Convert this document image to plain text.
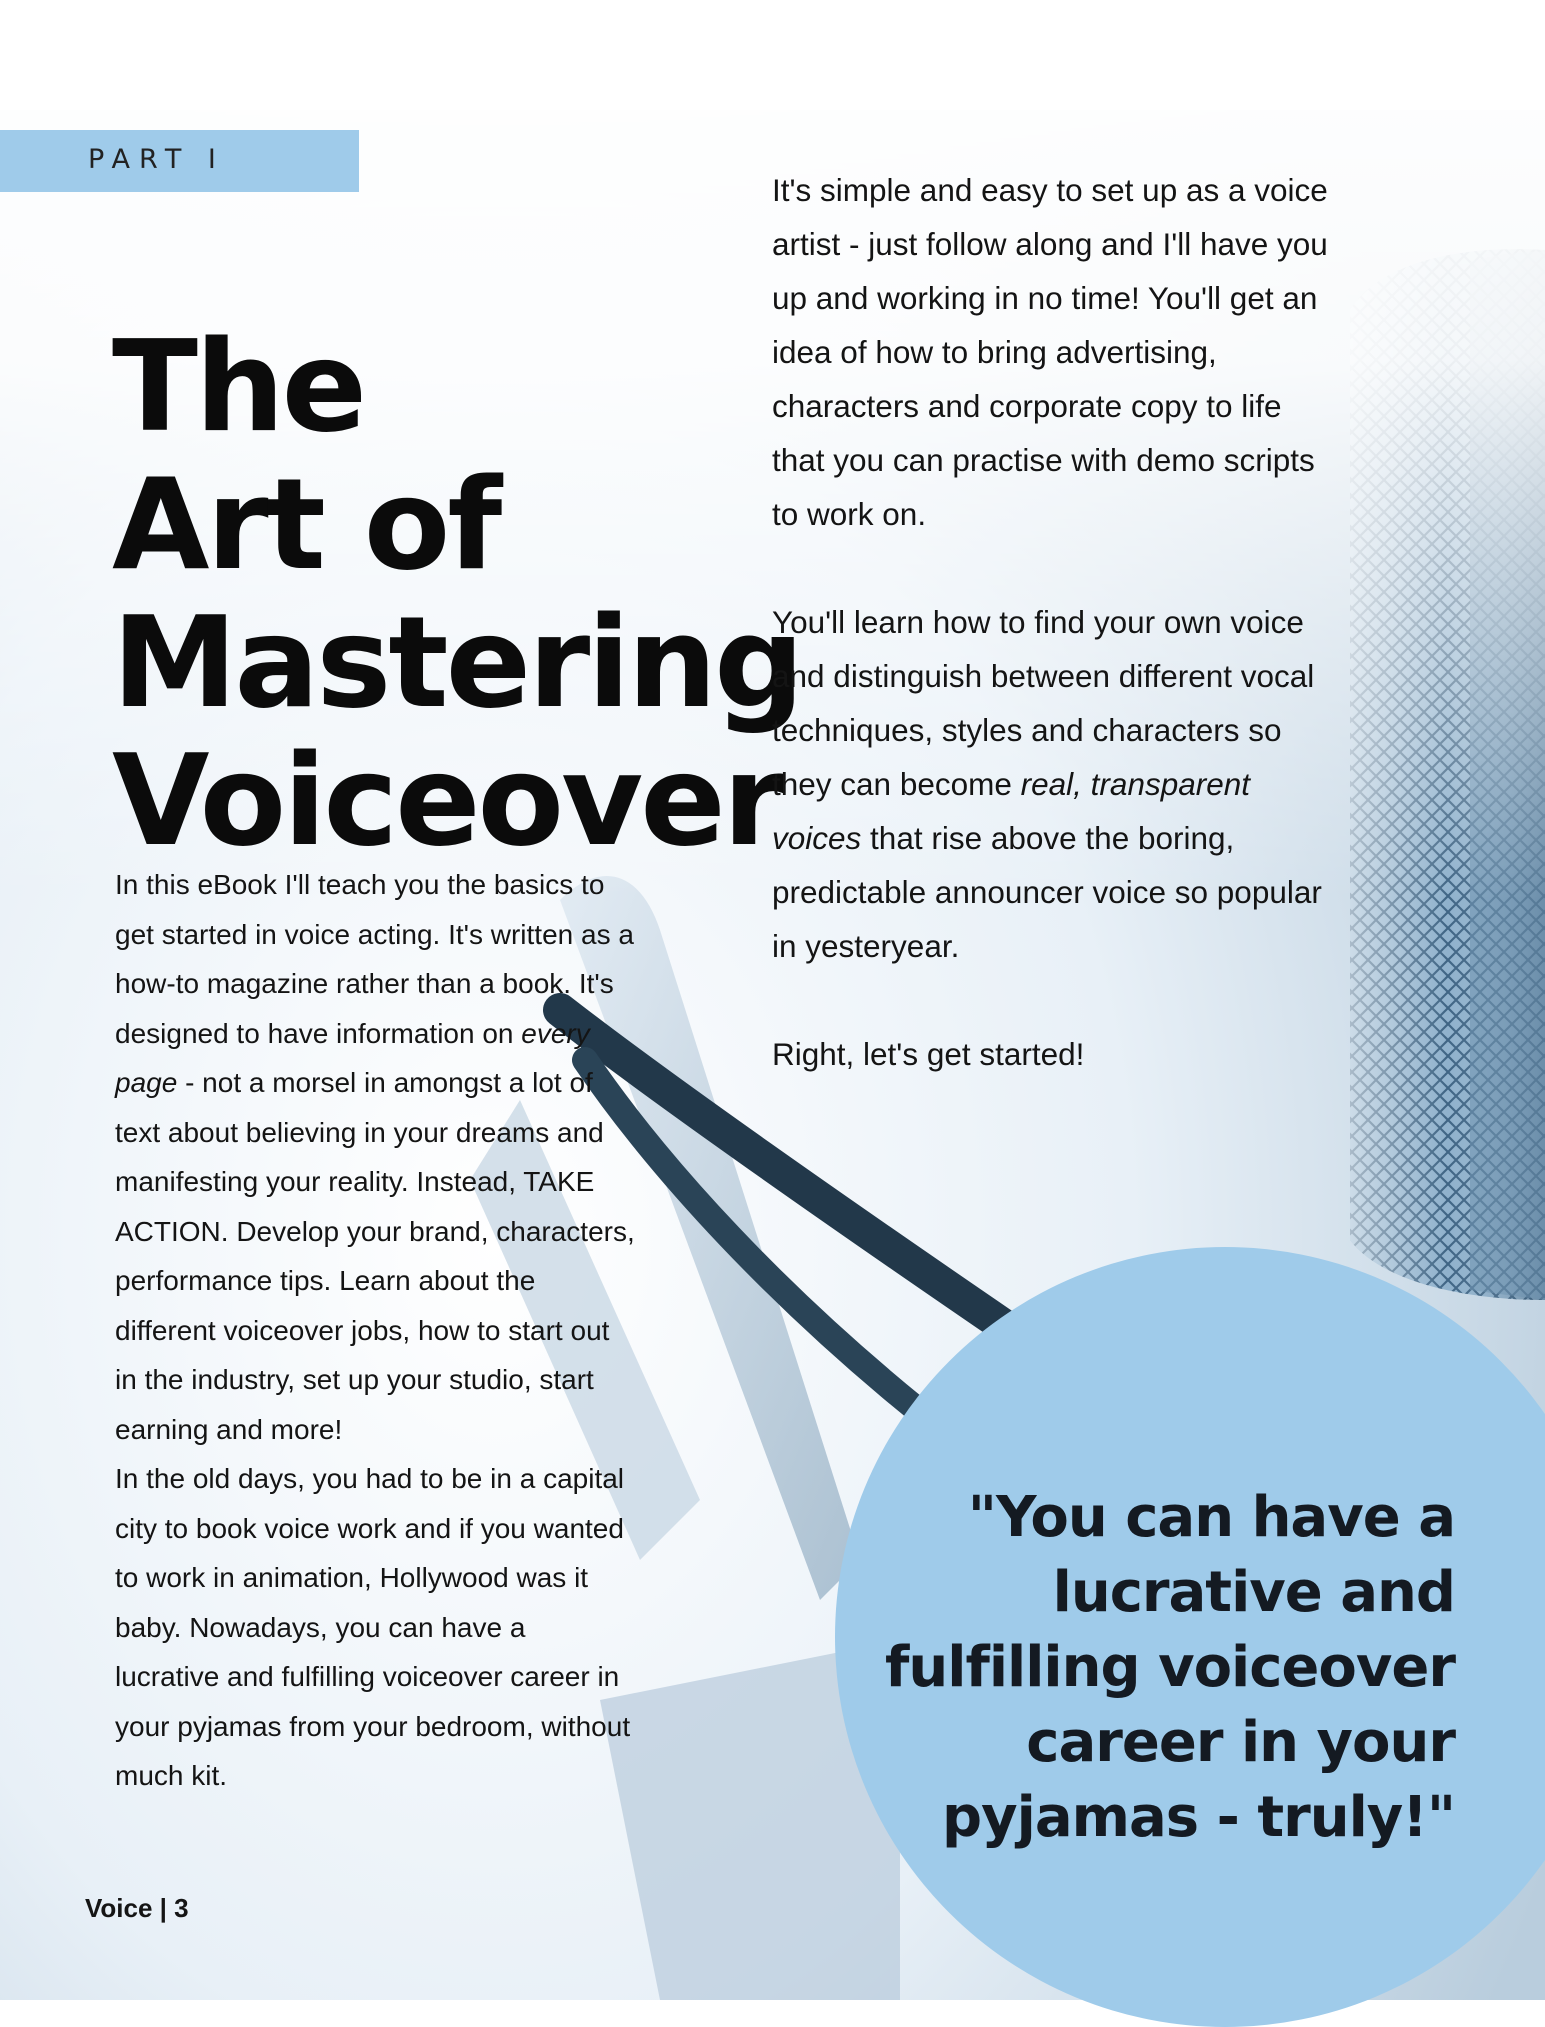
PART I
The
Art of
Mastering
Voiceover

In this eBook I'll teach you the basics to get started in voice acting. It's written as a how-to magazine rather than a book. It's designed to have information on every page - not a morsel in amongst a lot of text about believing in your dreams and manifesting your reality. Instead, TAKE ACTION. Develop your brand, characters, performance tips. Learn about the different voiceover jobs, how to start out in the industry, set up your studio, start earning and more!

In the old days, you had to be in a capital city to book voice work and if you wanted to work in animation, Hollywood was it baby. Nowadays, you can have a lucrative and fulfilling voiceover career in your pyjamas from your bedroom, without much kit.

It's simple and easy to set up as a voice artist - just follow along and I'll have you up and working in no time! You'll get an idea of how to bring advertising, characters and corporate copy to life that you can practise with demo scripts to work on.

You'll learn how to find your own voice and distinguish between different vocal techniques, styles and characters so they can become real, transparent voices that rise above the boring, predictable announcer voice so popular in yesteryear.

Right, let's get started!

"You can have a lucrative and fulfilling voiceover career in your pyjamas - truly!"
Voice | 3
